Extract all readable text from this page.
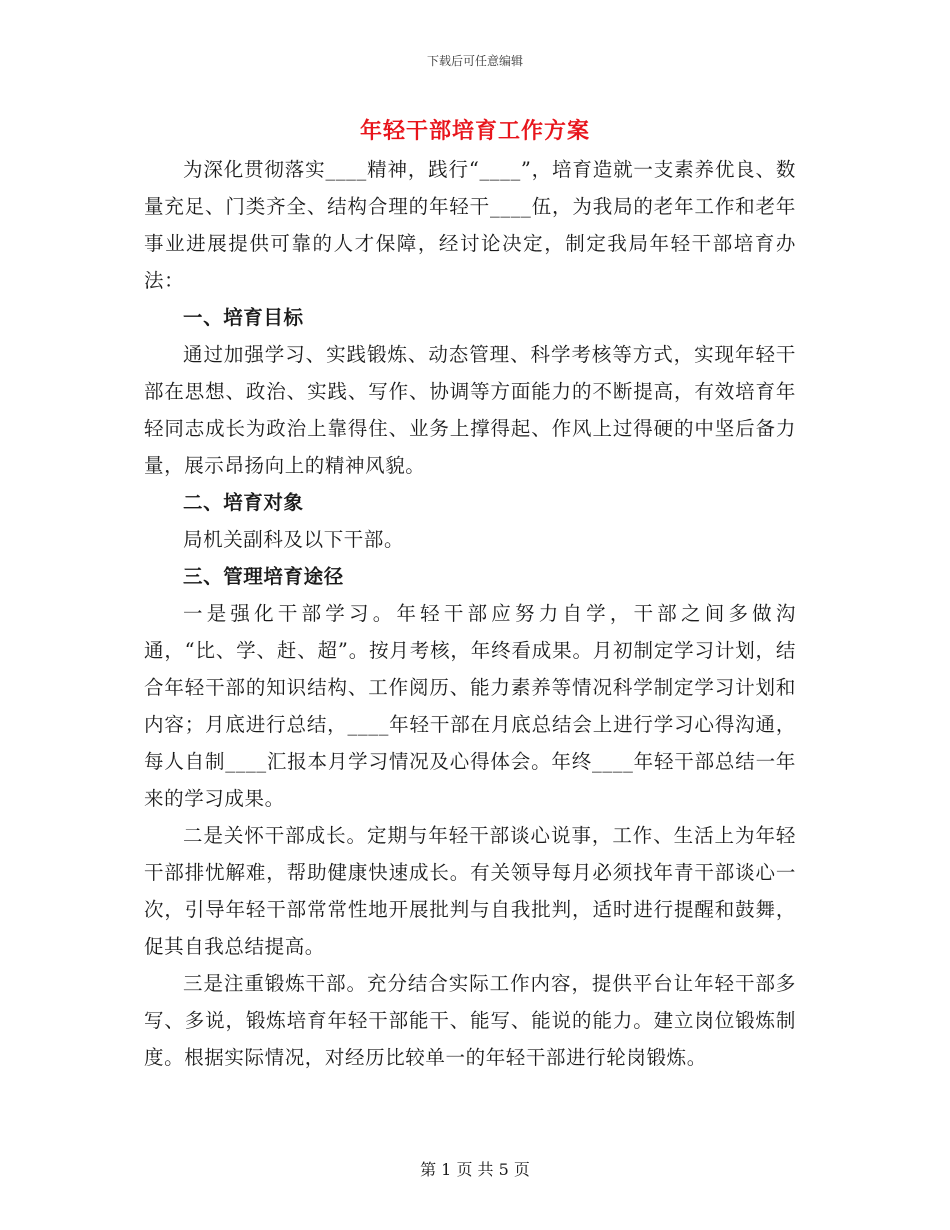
下载后可任意编辑
年轻干部培育工作方案

为深化贯彻落实____精神，践行“____”，培育造就一支素养优良、数量充足、门类齐全、结构合理的年轻干____伍，为我局的老年工作和老年事业进展提供可靠的人才保障，经讨论决定，制定我局年轻干部培育办法：

一、培育目标

通过加强学习、实践锻炼、动态管理、科学考核等方式，实现年轻干部在思想、政治、实践、写作、协调等方面能力的不断提高，有效培育年轻同志成长为政治上靠得住、业务上撑得起、作风上过得硬的中坚后备力量，展示昂扬向上的精神风貌。

二、培育对象

局机关副科及以下干部。

三、管理培育途径

一是强化干部学习。年轻干部应努力自学，干部之间多做沟通，“比、学、赶、超”。按月考核，年终看成果。月初制定学习计划，结合年轻干部的知识结构、工作阅历、能力素养等情况科学制定学习计划和内容；月底进行总结，____年轻干部在月底总结会上进行学习心得沟通，每人自制____汇报本月学习情况及心得体会。年终____年轻干部总结一年来的学习成果。

二是关怀干部成长。定期与年轻干部谈心说事，工作、生活上为年轻干部排忧解难，帮助健康快速成长。有关领导每月必须找年青干部谈心一次，引导年轻干部常常性地开展批判与自我批判，适时进行提醒和鼓舞，促其自我总结提高。

三是注重锻炼干部。充分结合实际工作内容，提供平台让年轻干部多写、多说，锻炼培育年轻干部能干、能写、能说的能力。建立岗位锻炼制度。根据实际情况，对经历比较单一的年轻干部进行轮岗锻炼。

第 1 页 共 5 页
